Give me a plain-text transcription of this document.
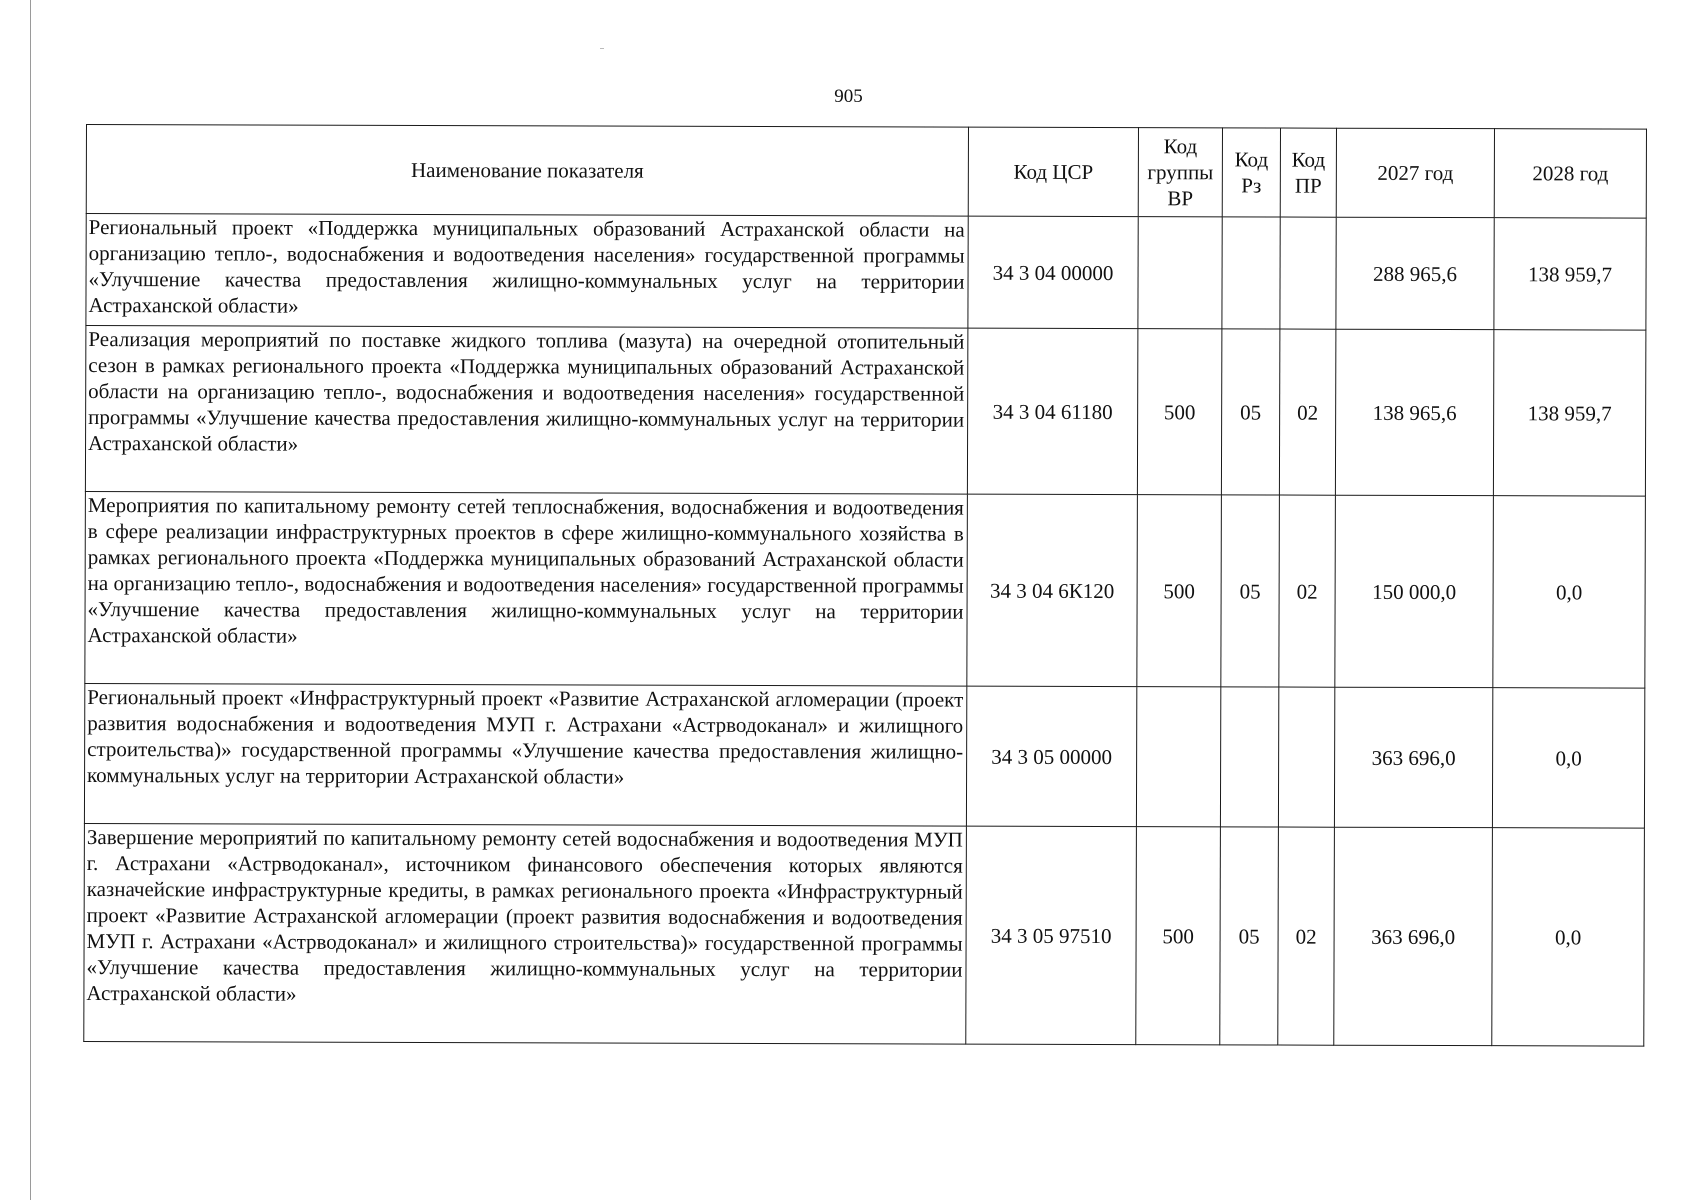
905
Наименование показателя	Код ЦСР	Код группы ВР	Код Рз	Код ПР	2027 год	2028 год
Региональный проект «Поддержка муниципальных образований Астраханской области на организацию тепло-, водоснабжения и водоотведения населения» государственной программы «Улучшение качества предоставления жилищно-коммунальных услуг на территории Астраханской области»	34 3 04 00000				288 965,6	138 959,7
Реализация мероприятий по поставке жидкого топлива (мазута) на очередной отопительный сезон в рамках регионального проекта «Поддержка муниципальных образований Астраханской области на организацию тепло-, водоснабжения и водоотведения населения» государственной программы «Улучшение качества предоставления жилищно-коммунальных услуг на территории Астраханской области»	34 3 04 61180	500	05	02	138 965,6	138 959,7
Мероприятия по капитальному ремонту сетей теплоснабжения, водоснабжения и водоотведения в сфере реализации инфраструктурных проектов в сфере жилищно-коммунального хозяйства в рамках регионального проекта «Поддержка муниципальных образований Астраханской области на организацию тепло-, водоснабжения и водоотведения населения» государственной программы «Улучшение качества предоставления жилищно-коммунальных услуг на территории Астраханской области»	34 3 04 6К120	500	05	02	150 000,0	0,0
Региональный проект «Инфраструктурный проект «Развитие Астраханской агломерации (проект развития водоснабжения и водоотведения МУП г. Астрахани «Астрводоканал» и жилищного строительства)» государственной программы «Улучшение качества предоставления жилищно-коммунальных услуг на территории Астраханской области»	34 3 05 00000				363 696,0	0,0
Завершение мероприятий по капитальному ремонту сетей водоснабжения и водоотведения МУП г. Астрахани «Астрводоканал», источником финансового обеспечения которых являются казначейские инфраструктурные кредиты, в рамках регионального проекта «Инфраструктурный проект «Развитие Астраханской агломерации (проект развития водоснабжения и водоотведения МУП г. Астрахани «Астрводоканал» и жилищного строительства)» государственной программы «Улучшение качества предоставления жилищно-коммунальных услуг на территории Астраханской области»	34 3 05 97510	500	05	02	363 696,0	0,0
